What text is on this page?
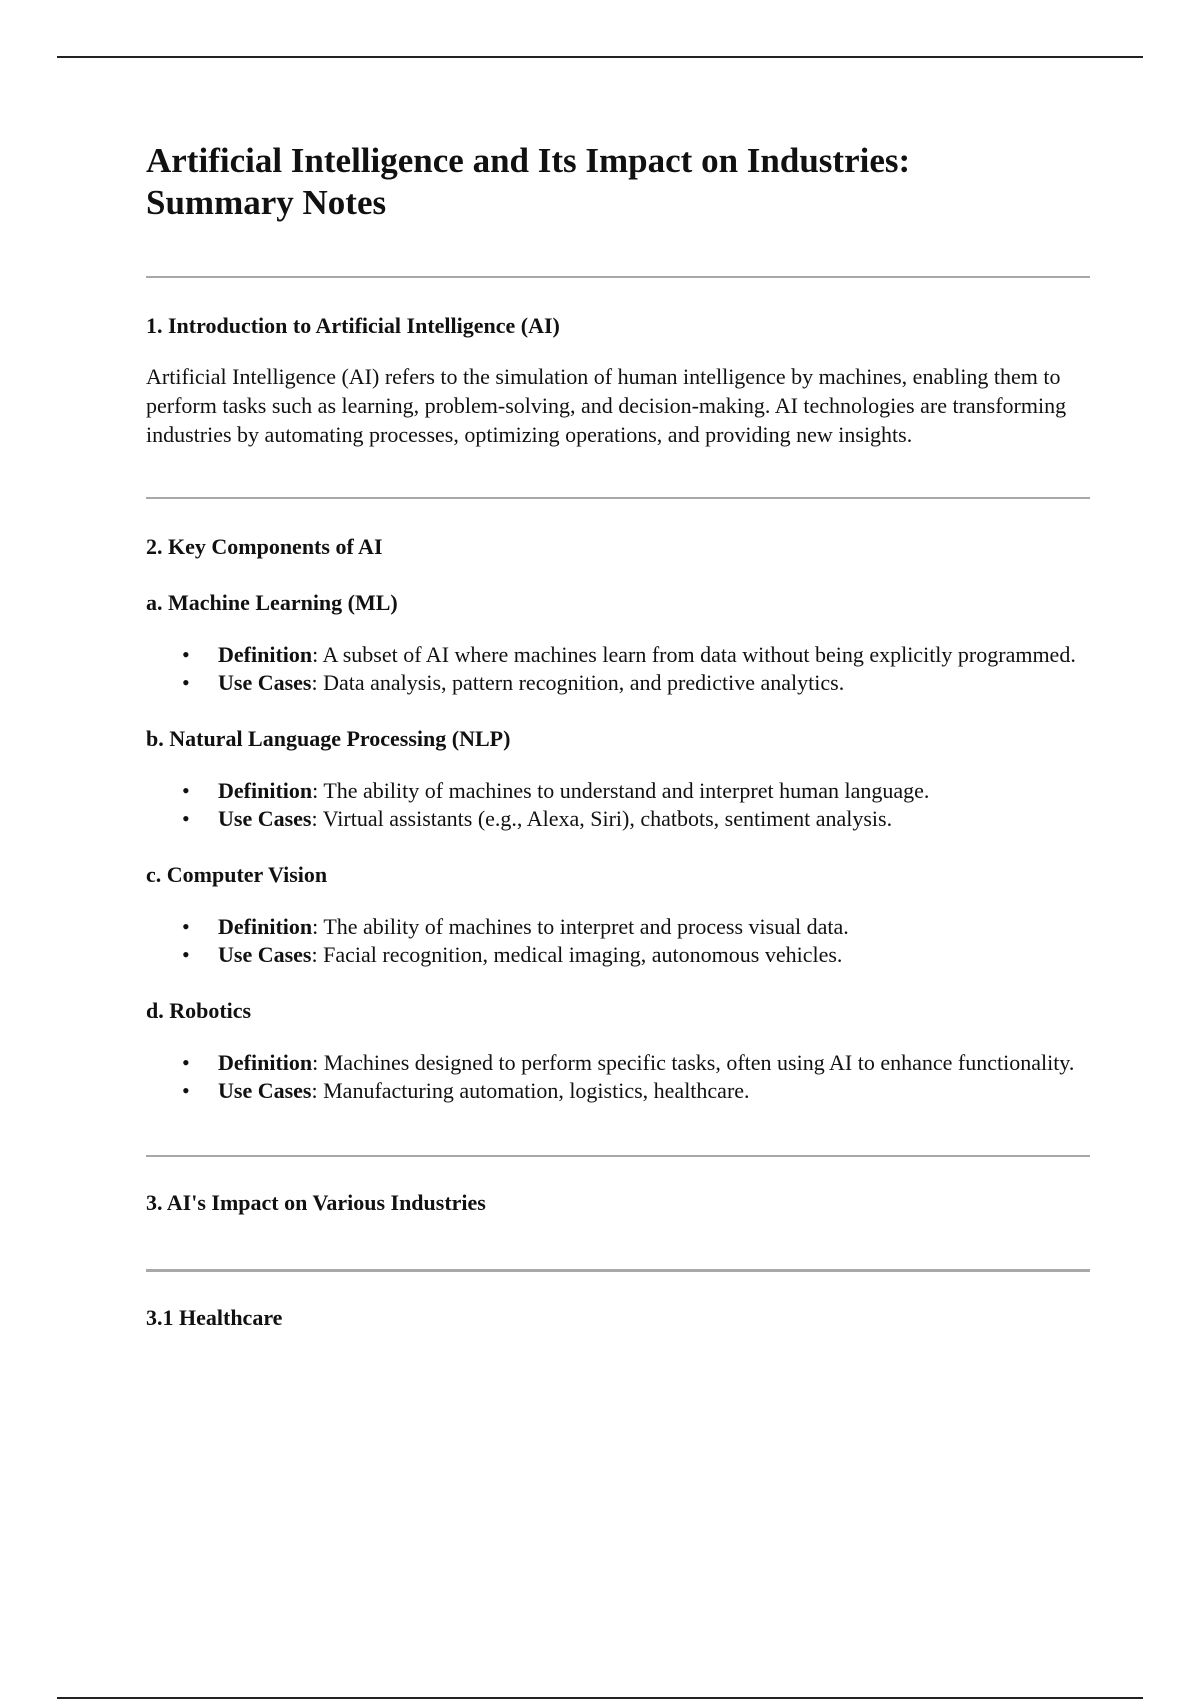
Artificial Intelligence and Its Impact on Industries: Summary Notes
1. Introduction to Artificial Intelligence (AI)

Artificial Intelligence (AI) refers to the simulation of human intelligence by machines, enabling them to perform tasks such as learning, problem-solving, and decision-making. AI technologies are transforming industries by automating processes, optimizing operations, and providing new insights.

2. Key Components of AI
a. Machine Learning (ML)
• Definition: A subset of AI where machines learn from data without being explicitly programmed.
• Use Cases: Data analysis, pattern recognition, and predictive analytics.
b. Natural Language Processing (NLP)
• Definition: The ability of machines to understand and interpret human language.
• Use Cases: Virtual assistants (e.g., Alexa, Siri), chatbots, sentiment analysis.
c. Computer Vision
• Definition: The ability of machines to interpret and process visual data.
• Use Cases: Facial recognition, medical imaging, autonomous vehicles.
d. Robotics
• Definition: Machines designed to perform specific tasks, often using AI to enhance functionality.
• Use Cases: Manufacturing automation, logistics, healthcare.
3. AI's Impact on Various Industries
3.1 Healthcare
